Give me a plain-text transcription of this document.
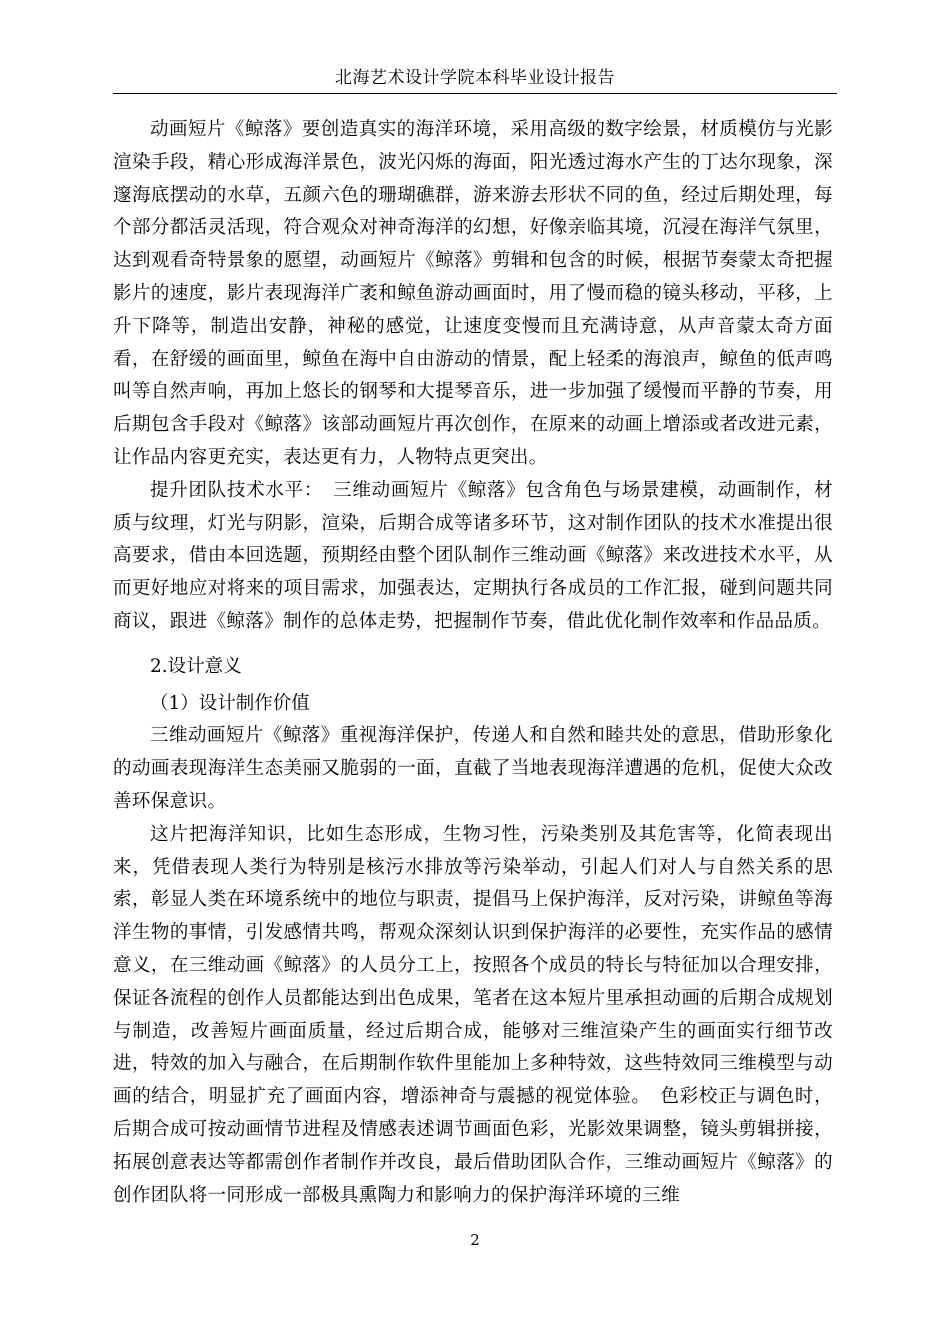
北海艺术设计学院本科毕业设计报告

动画短片《鲸落》要创造真实的海洋环境，采用高级的数字绘景，材质模仿与光影渲染手段，精心形成海洋景色，波光闪烁的海面，阳光透过海水产生的丁达尔现象，深邃海底摆动的水草，五颜六色的珊瑚礁群，游来游去形状不同的鱼，经过后期处理，每个部分都活灵活现，符合观众对神奇海洋的幻想，好像亲临其境，沉浸在海洋气氛里，达到观看奇特景象的愿望，动画短片《鲸落》剪辑和包含的时候，根据节奏蒙太奇把握影片的速度，影片表现海洋广袤和鲸鱼游动画面时，用了慢而稳的镜头移动，平移，上升下降等，制造出安静，神秘的感觉，让速度变慢而且充满诗意，从声音蒙太奇方面看，在舒缓的画面里，鲸鱼在海中自由游动的情景，配上轻柔的海浪声，鲸鱼的低声鸣叫等自然声响，再加上悠长的钢琴和大提琴音乐，进一步加强了缓慢而平静的节奏，用后期包含手段对《鲸落》该部动画短片再次创作，在原来的动画上增添或者改进元素，让作品内容更充实，表达更有力，人物特点更突出。

提升团队技术水平：　三维动画短片《鲸落》包含角色与场景建模，动画制作，材质与纹理，灯光与阴影，渲染，后期合成等诸多环节，这对制作团队的技术水准提出很高要求，借由本回选题，预期经由整个团队制作三维动画《鲸落》来改进技术水平，从而更好地应对将来的项目需求，加强表达，定期执行各成员的工作汇报，碰到问题共同商议，跟进《鲸落》制作的总体走势，把握制作节奏，借此优化制作效率和作品品质。

2.设计意义

（1）设计制作价值

三维动画短片《鲸落》重视海洋保护，传递人和自然和睦共处的意思，借助形象化的动画表现海洋生态美丽又脆弱的一面，直截了当地表现海洋遭遇的危机，促使大众改善环保意识。

这片把海洋知识，比如生态形成，生物习性，污染类别及其危害等，化简表现出来，凭借表现人类行为特别是核污水排放等污染举动，引起人们对人与自然关系的思索，彰显人类在环境系统中的地位与职责，提倡马上保护海洋，反对污染，讲鲸鱼等海洋生物的事情，引发感情共鸣，帮观众深刻认识到保护海洋的必要性，充实作品的感情意义，在三维动画《鲸落》的人员分工上，按照各个成员的特长与特征加以合理安排，保证各流程的创作人员都能达到出色成果，笔者在这本短片里承担动画的后期合成规划与制造，改善短片画面质量，经过后期合成，能够对三维渲染产生的画面实行细节改进，特效的加入与融合，在后期制作软件里能加上多种特效，这些特效同三维模型与动画的结合，明显扩充了画面内容，增添神奇与震撼的视觉体验。　色彩校正与调色时，后期合成可按动画情节进程及情感表述调节画面色彩，光影效果调整，镜头剪辑拼接，拓展创意表达等都需创作者制作并改良，最后借助团队合作，三维动画短片《鲸落》的创作团队将一同形成一部极具熏陶力和影响力的保护海洋环境的三维

2
